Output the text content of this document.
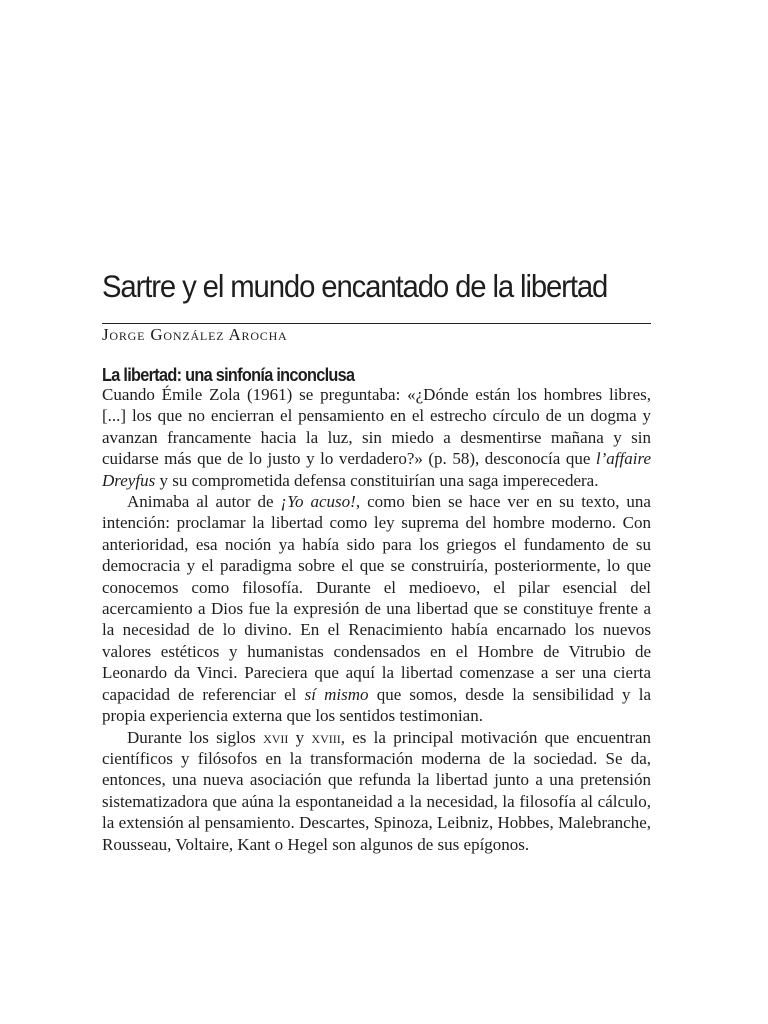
Sartre y el mundo encantado de la libertad
Jorge González Arocha
La libertad: una sinfonía inconclusa

Cuando Émile Zola (1961) se preguntaba: «¿Dónde están los hombres libres, [...] los que no encierran el pensamiento en el estrecho círculo de un dogma y avanzan francamente hacia la luz, sin miedo a desmentirse mañana y sin cuidarse más que de lo justo y lo verdadero?» (p. 58), desconocía que l’affaire Dreyfus y su comprometida defensa constituirían una saga imperecedera.

Animaba al autor de ¡Yo acuso!, como bien se hace ver en su texto, una intención: proclamar la libertad como ley suprema del hombre moderno. Con anterioridad, esa noción ya había sido para los griegos el fundamento de su democracia y el paradigma sobre el que se construiría, posteriormente, lo que conocemos como filosofía. Durante el medioevo, el pilar esencial del acercamiento a Dios fue la expresión de una libertad que se constituye frente a la necesidad de lo divino. En el Renacimiento había encarnado los nuevos valores estéticos y humanistas condensados en el Hombre de Vitrubio de Leonardo da Vinci. Pareciera que aquí la libertad comenzase a ser una cierta capacidad de referenciar el sí mismo que somos, desde la sensibilidad y la propia experiencia externa que los sentidos testimonian.

Durante los siglos xvii y xviii, es la principal motivación que encuentran científicos y filósofos en la transformación moderna de la sociedad. Se da, entonces, una nueva asociación que refunda la libertad junto a una pretensión sistematizadora que aúna la espontaneidad a la necesidad, la filosofía al cálculo, la extensión al pensamiento. Descartes, Spinoza, Leibniz, Hobbes, Malebranche, Rousseau, Voltaire, Kant o Hegel son algunos de sus epígonos.
